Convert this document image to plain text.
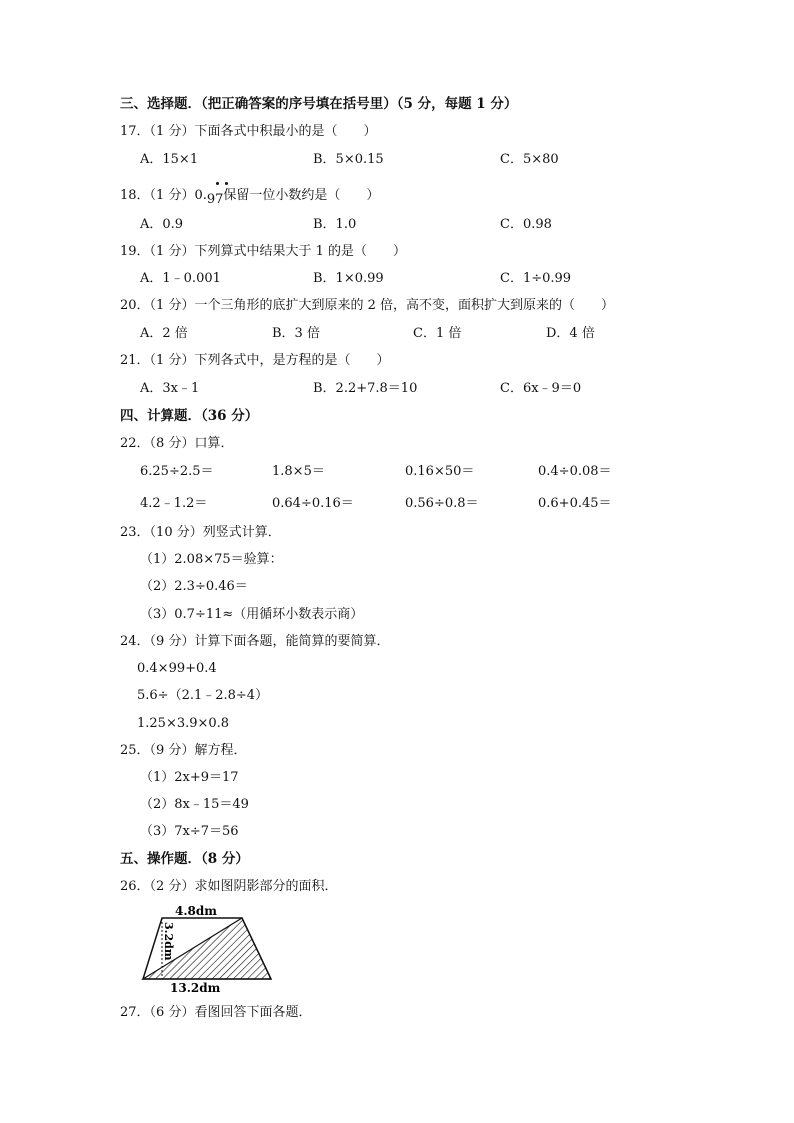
三、选择题．（把正确答案的序号填在括号里）（5 分，每题 1 分）
17．（1 分）下面各式中积最小的是（　　）
A．15×1	B．5×0.15	C．5×80
18．（1 分）0.97保留一位小数约是（　　）
A．0.9	B．1.0	C．0.98
19．（1 分）下列算式中结果大于 1 的是（　　）
A．1﹣0.001	B．1×0.99	C．1÷0.99
20．（1 分）一个三角形的底扩大到原来的 2 倍，高不变，面积扩大到原来的（　　）
A．2 倍	B．3 倍	C．1 倍	D．4 倍
21．（1 分）下列各式中，是方程的是（　　）
A．3x﹣1	B．2.2+7.8＝10	C．6x﹣9＝0
四、计算题．（36 分）
22．（8 分）口算．
6.25÷2.5＝	1.8×5＝	0.16×50＝	0.4÷0.08＝
4.2﹣1.2＝	0.64÷0.16＝	0.56÷0.8＝	0.6+0.45＝
23．（10 分）列竖式计算．
（1）2.08×75＝验算：
（2）2.3÷0.46＝
（3）0.7÷11≈（用循环小数表示商）
24．（9 分）计算下面各题，能简算的要简算．
0.4×99+0.4
5.6÷（2.1﹣2.8÷4）
1.25×3.9×0.8
25．（9 分）解方程．
（1）2x+9＝17
（2）8x﹣15＝49
（3）7x÷7＝56
五、操作题．（8 分）
26．（2 分）求如图阴影部分的面积．
4.8dm
3.2dm
13.2dm
27．（6 分）看图回答下面各题．
